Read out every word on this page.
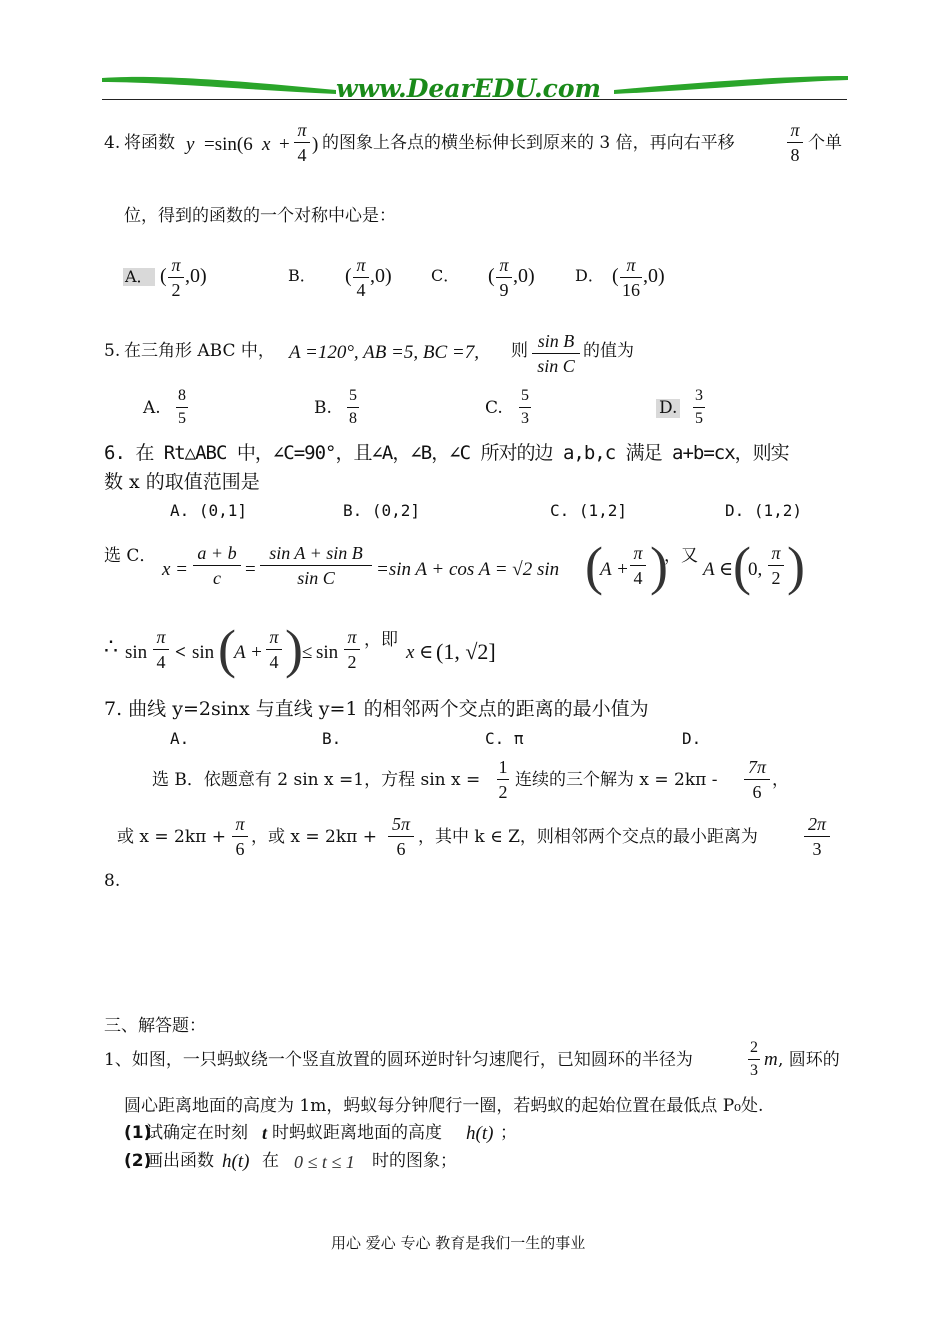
www.DearEDU.com
4. 将函数 y =sin(6 x +
π
4 ) 的图象上各点的横坐标伸长到原来的 3 倍，再向右平移
π
8
个单
位，得到的函数的一个对称中心是：
A． ( π
2
,0)	B． ( π
4
,0) C． ( π
9
,0)	D． ( π
16
,0)
5. 在三角形 ABC 中， A =120°, AB =5, BC =7, 则 sin B
sin C
的值为
A.
8
5
B.
5
8
C.
5
3
D.
3
5
6. 在 Rt△ABC 中，∠C=90°，且∠A，∠B，∠C 所对的边 a,b,c 满足 a+b=cx，则实
数 x 的取值范围是
A. (0,1]	B. (0,2]	C. (1,2]	D. (1,2)
选 C．
x =
a + b
c	=
sin A + sin B
sin C	=sin A + cos A = √2 sin (
A +
π
4 )
，又
A ∈ (
0,
π
2 )
∴ sin
π
4 < sin (
A +
π
4 ) ≤ sin
π
2
，即
x ∈ (1, √2]
7. 曲线 y=2sinx 与直线 y=1 的相邻两个交点的距离的最小值为
A.	B.	C. π	D.
选 B．依题意有 2 sin x =1，方程 sin x =
1
2
连续的三个解为 x = 2kπ -
7π
6
，
或 x = 2kπ +
π
6
，或 x = 2kπ +
5π
6
，其中 k ∈ Z，则相邻两个交点的最小距离为
2π
3
8.
三、解答题：
1、如图，一只蚂蚁绕一个竖直放置的圆环逆时针匀速爬行，已知圆环的半径为
2
3
m , 圆环的
圆心距离地面的高度为 1m，蚂蚁每分钟爬行一圈，若蚂蚁的起始位置在最低点 P₀处.
(1)
试确定在时刻 t 时蚂蚁距离地面的高度 h(t) ；
(2)
画出函数 h(t) 在 0 ≤ t ≤ 1 时的图象；
用心 爱心 专心 教育是我们一生的事业
